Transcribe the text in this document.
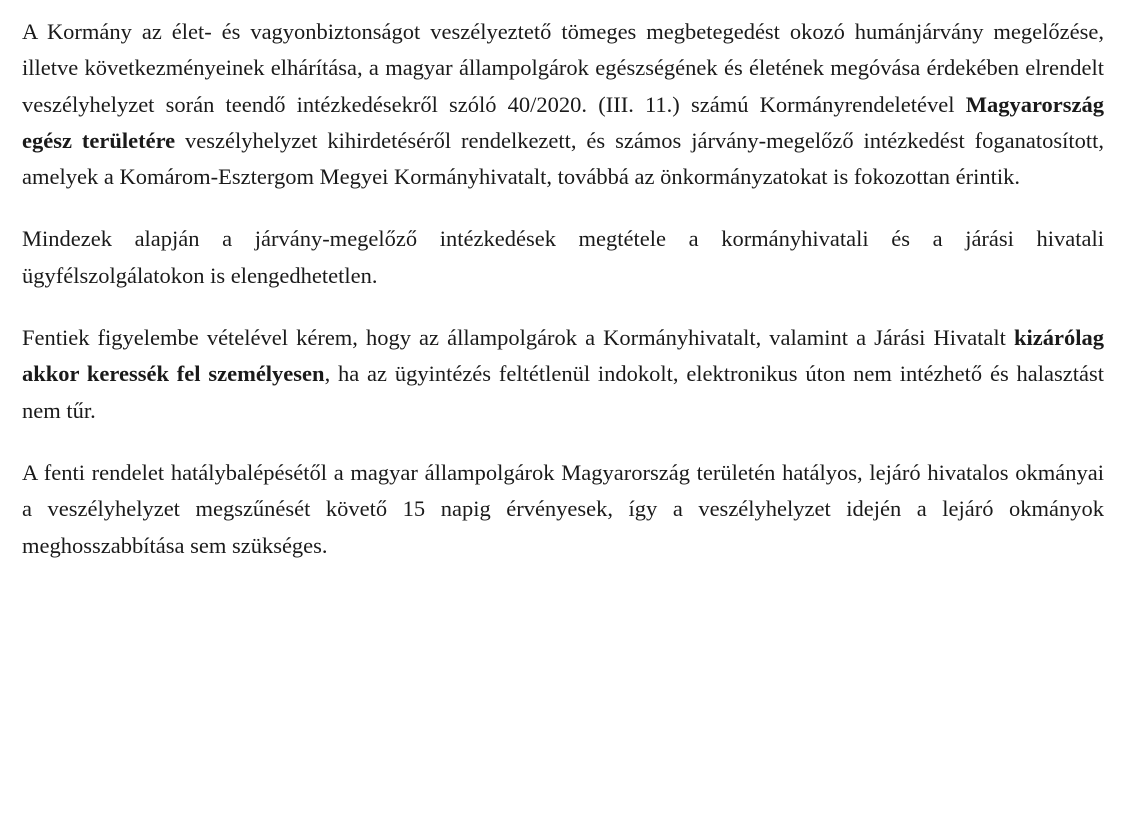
A Kormány az élet- és vagyonbiztonságot veszélyeztető tömeges megbetegedést okozó humánjárvány megelőzése, illetve következményeinek elhárítása, a magyar állampolgárok egészségének és életének megóvása érdekében elrendelt veszélyhelyzet során teendő intézkedésekről szóló 40/2020. (III. 11.) számú Kormányrendeletével Magyarország egész területére veszélyhelyzet kihirdetéséről rendelkezett, és számos járvány-megelőző intézkedést foganatosított, amelyek a Komárom-Esztergom Megyei Kormányhivatalt, továbbá az önkormányzatokat is fokozottan érintik.

Mindezek alapján a járvány-megelőző intézkedések megtétele a kormányhivatali és a járási hivatali ügyfélszolgálatokon is elengedhetetlen.

Fentiek figyelembe vételével kérem, hogy az állampolgárok a Kormányhivatalt, valamint a Járási Hivatalt kizárólag akkor keressék fel személyesen, ha az ügyintézés feltétlenül indokolt, elektronikus úton nem intézhető és halasztást nem tűr.

A fenti rendelet hatálybalépésétől a magyar állampolgárok Magyarország területén hatályos, lejáró hivatalos okmányai a veszélyhelyzet megszűnését követő 15 napig érvényesek, így a veszélyhelyzet idején a lejáró okmányok meghosszabbítása sem szükséges.
